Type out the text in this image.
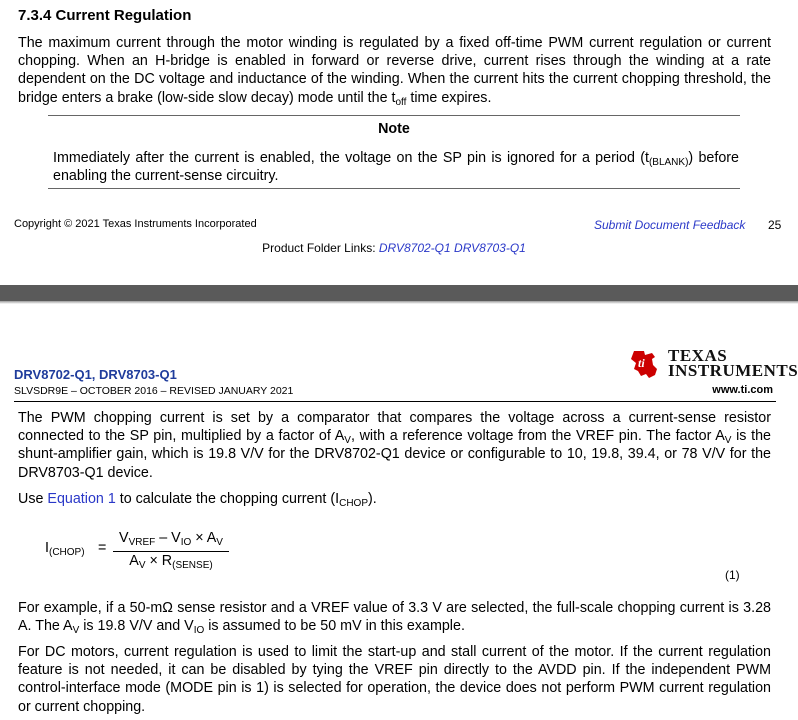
7.3.4 Current Regulation

The maximum current through the motor winding is regulated by a fixed off-time PWM current regulation or current chopping. When an H-bridge is enabled in forward or reverse drive, current rises through the winding at a rate dependent on the DC voltage and inductance of the winding. When the current hits the current chopping threshold, the bridge enters a brake (low-side slow decay) mode until the $t_{off}$ time expires.

Note

Immediately after the current is enabled, the voltage on the SP pin is ignored for a period $(t_{(BLANK)})$ before enabling the current-sense circuitry.

Copyright © 2021 Texas Instruments Incorporated	Submit Document Feedback 25
Product Folder Links: DRV8702-Q1 DRV8703-Q1
DRV8702-Q1, DRV8703-Q1
SLVSDR9E – OCTOBER 2016 – REVISED JANUARY 2021
ti TEXAS
INSTRUMENTS
www.ti.com

The PWM chopping current is set by a comparator that compares the voltage across a current-sense resistor connected to the SP pin, multiplied by a factor of $A_V$, with a reference voltage from the VREF pin. The factor $A_V$ is the shunt-amplifier gain, which is 19.8 V/V for the DRV8702-Q1 device or configurable to 10, 19.8, 39.4, or 78 V/V for the DRV8703-Q1 device.

Use Equation 1 to calculate the chopping current $(I_{CHOP})$.

$I_{(CHOP)}$ =
$V_{VREF} - V_{IO} \times A_V$
$A_V \times R_{(SENSE)}$
(1)

For example, if a 50-mΩ sense resistor and a VREF value of 3.3 V are selected, the full-scale chopping current is 3.28 A. The $A_V$ is 19.8 V/V and $V_{IO}$ is assumed to be 50 mV in this example.

For DC motors, current regulation is used to limit the start-up and stall current of the motor. If the current regulation feature is not needed, it can be disabled by tying the VREF pin directly to the AVDD pin. If the independent PWM control-interface mode (MODE pin is 1) is selected for operation, the device does not perform PWM current regulation or current chopping.
